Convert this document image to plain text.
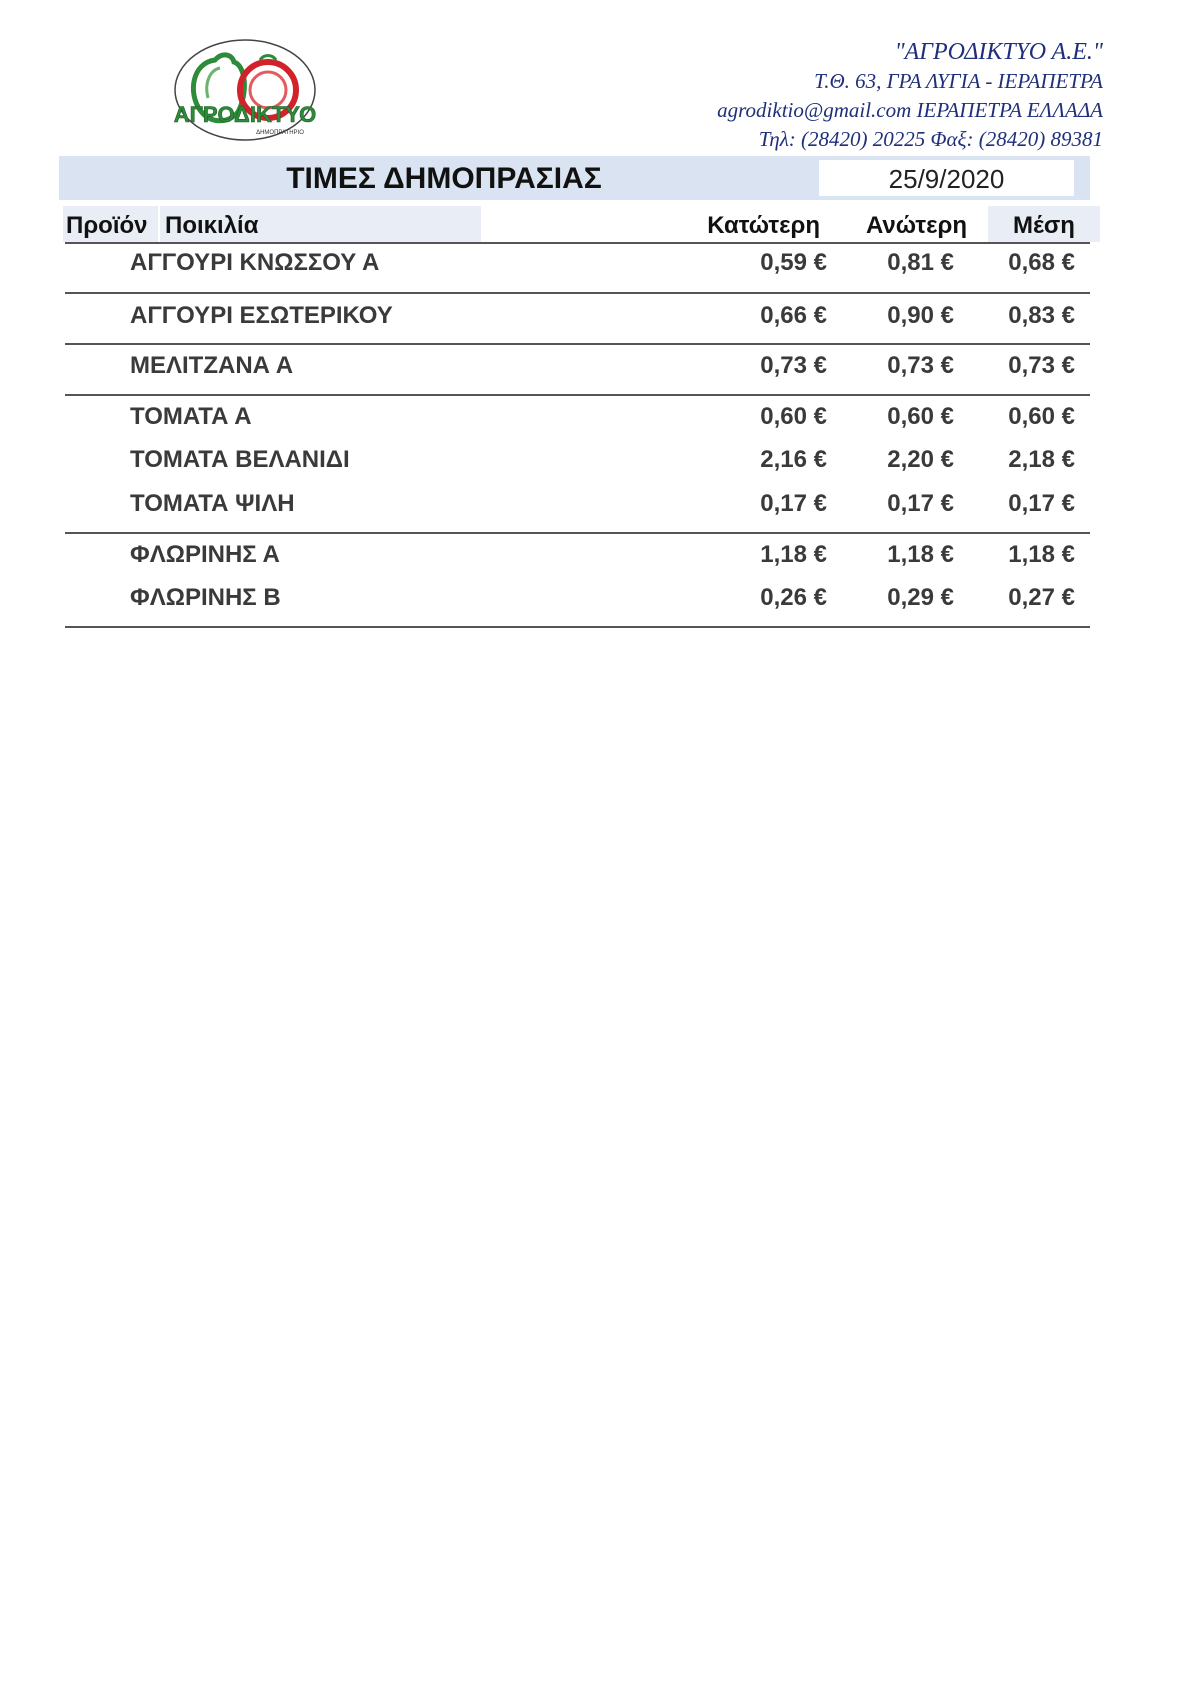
ΑΓΡΟΔΙΚΤΥΟ
ΔΗΜΟΠΡΑΤΗΡΙΟ
"ΑΓΡΟΔΙΚΤΥΟ Α.Ε."
Τ.Θ. 63, ΓΡΑ ΛΥΓΙΑ - ΙΕΡΑΠΕΤΡΑ
agrodiktio@gmail.com ΙΕΡΑΠΕΤΡΑ ΕΛΛΑΔΑ
Τηλ: (28420) 20225 Φαξ: (28420) 89381
ΤΙΜΕΣ ΔΗΜΟΠΡΑΣΙΑΣ	25/9/2020
Προϊόν Ποικιλία	Κατώτερη	Ανώτερη	Μέση
ΑΓΓΟΥΡΙ ΚΝΩΣΣΟΥ Α	0,59 €	0,81 €	0,68 €
ΑΓΓΟΥΡΙ ΕΣΩΤΕΡΙΚΟΥ	0,66 €	0,90 €	0,83 €
ΜΕΛΙΤΖΑΝΑ Α	0,73 €	0,73 €	0,73 €
ΤΟΜΑΤΑ Α	0,60 €	0,60 €	0,60 €
ΤΟΜΑΤΑ ΒΕΛΑΝΙΔΙ	2,16 €	2,20 €	2,18 €
ΤΟΜΑΤΑ ΨΙΛΗ	0,17 €	0,17 €	0,17 €
ΦΛΩΡΙΝΗΣ Α	1,18 €	1,18 €	1,18 €
ΦΛΩΡΙΝΗΣ Β	0,26 €	0,29 €	0,27 €
